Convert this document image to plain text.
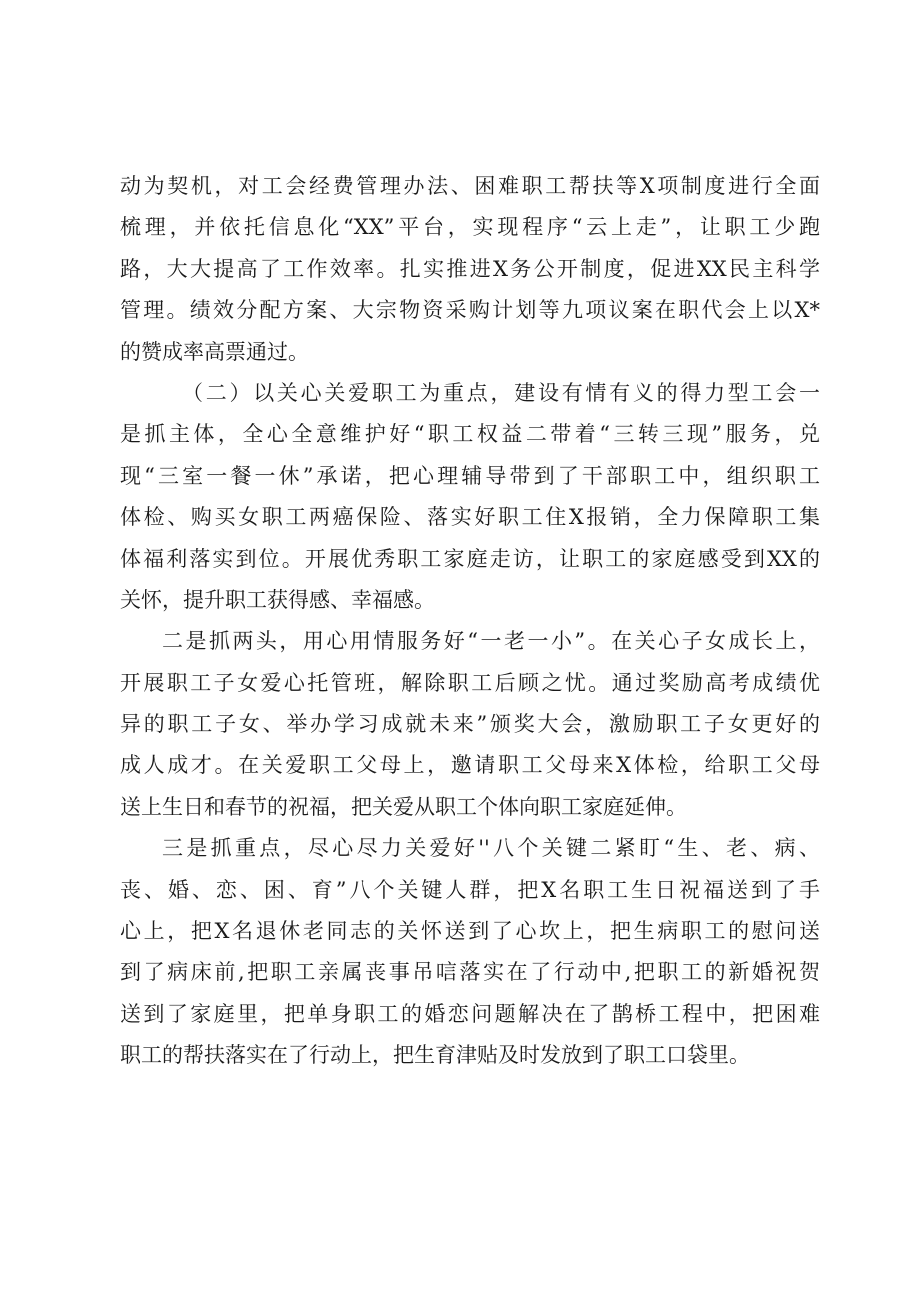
动为契机，对工会经费管理办法、困难职工帮扶等X项制度进行全面
梳理，并依托信息化“XX”平台，实现程序“云上走”，让职工少跑
路，大大提高了工作效率。扎实推进X务公开制度，促进XX民主科学
管理。绩效分配方案、大宗物资采购计划等九项议案在职代会上以X*
的赞成率高票通过。
（二）以关心关爱职工为重点，建设有情有义的得力型工会一
是抓主体，全心全意维护好“职工权益二带着“三转三现”服务，兑
现“三室一餐一休”承诺，把心理辅导带到了干部职工中，组织职工
体检、购买女职工两癌保险、落实好职工住X报销，全力保障职工集
体福利落实到位。开展优秀职工家庭走访，让职工的家庭感受到XX的
关怀，提升职工获得感、幸福感。
二是抓两头，用心用情服务好“一老一小”。在关心子女成长上，
开展职工子女爱心托管班，解除职工后顾之忧。通过奖励高考成绩优
异的职工子女、举办学习成就未来”颁奖大会，激励职工子女更好的
成人成才。在关爱职工父母上，邀请职工父母来X体检，给职工父母
送上生日和春节的祝福，把关爱从职工个体向职工家庭延伸。
三是抓重点，尽心尽力关爱好''八个关键二紧盯“生、老、病、
丧、婚、恋、困、育”八个关键人群，把X名职工生日祝福送到了手
心上，把X名退休老同志的关怀送到了心坎上，把生病职工的慰问送
到了病床前,把职工亲属丧事吊唁落实在了行动中,把职工的新婚祝贺
送到了家庭里，把单身职工的婚恋问题解决在了鹊桥工程中，把困难
职工的帮扶落实在了行动上，把生育津贴及时发放到了职工口袋里。
